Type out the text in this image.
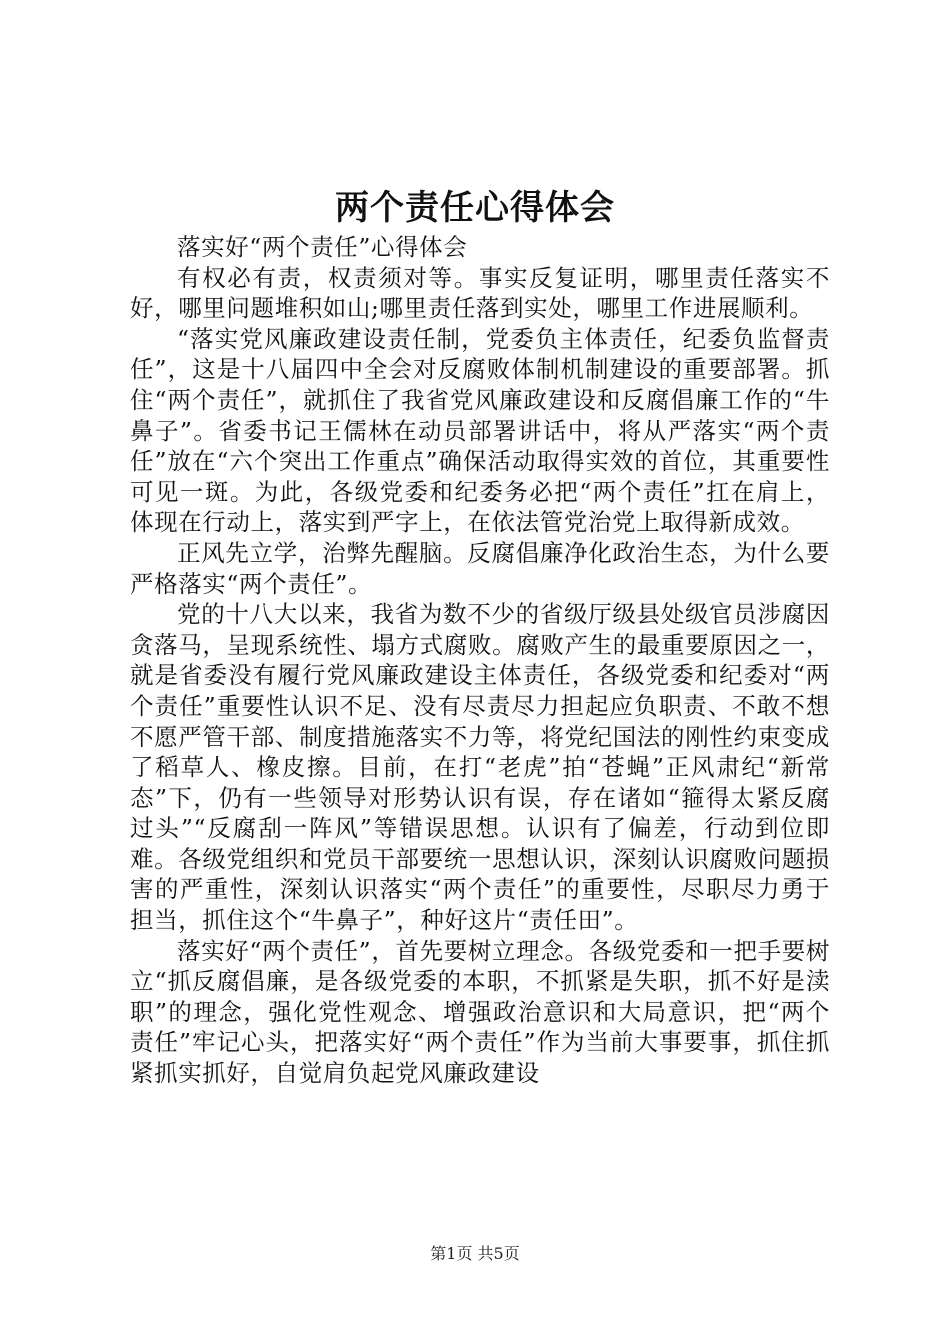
两个责任心得体会

落实好“两个责任”心得体会

有权必有责，权责须对等。事实反复证明，哪里责任落实不好，哪里问题堆积如山;哪里责任落到实处，哪里工作进展顺利。

“落实党风廉政建设责任制，党委负主体责任，纪委负监督责任”，这是十八届四中全会对反腐败体制机制建设的重要部署。抓住“两个责任”，就抓住了我省党风廉政建设和反腐倡廉工作的“牛鼻子”。省委书记王儒林在动员部署讲话中，将从严落实“两个责任”放在“六个突出工作重点”确保活动取得实效的首位，其重要性可见一斑。为此，各级党委和纪委务必把“两个责任”扛在肩上，体现在行动上，落实到严字上，在依法管党治党上取得新成效。

正风先立学，治弊先醒脑。反腐倡廉净化政治生态，为什么要严格落实“两个责任”。

党的十八大以来，我省为数不少的省级厅级县处级官员涉腐因贪落马，呈现系统性、塌方式腐败。腐败产生的最重要原因之一，就是省委没有履行党风廉政建设主体责任，各级党委和纪委对“两个责任”重要性认识不足、没有尽责尽力担起应负职责、不敢不想不愿严管干部、制度措施落实不力等，将党纪国法的刚性约束变成了稻草人、橡皮擦。目前，在打“老虎”拍“苍蝇”正风肃纪“新常态”下，仍有一些领导对形势认识有误，存在诸如“箍得太紧反腐过头”“反腐刮一阵风”等错误思想。认识有了偏差，行动到位即难。各级党组织和党员干部要统一思想认识，深刻认识腐败问题损害的严重性，深刻认识落实“两个责任”的重要性，尽职尽力勇于担当，抓住这个“牛鼻子”，种好这片“责任田”。

落实好“两个责任”，首先要树立理念。各级党委和一把手要树立“抓反腐倡廉，是各级党委的本职，不抓紧是失职，抓不好是渎职”的理念，强化党性观念、增强政治意识和大局意识，把“两个责任”牢记心头，把落实好“两个责任”作为当前大事要事，抓住抓紧抓实抓好，自觉肩负起党风廉政建设

第1页 共5页
